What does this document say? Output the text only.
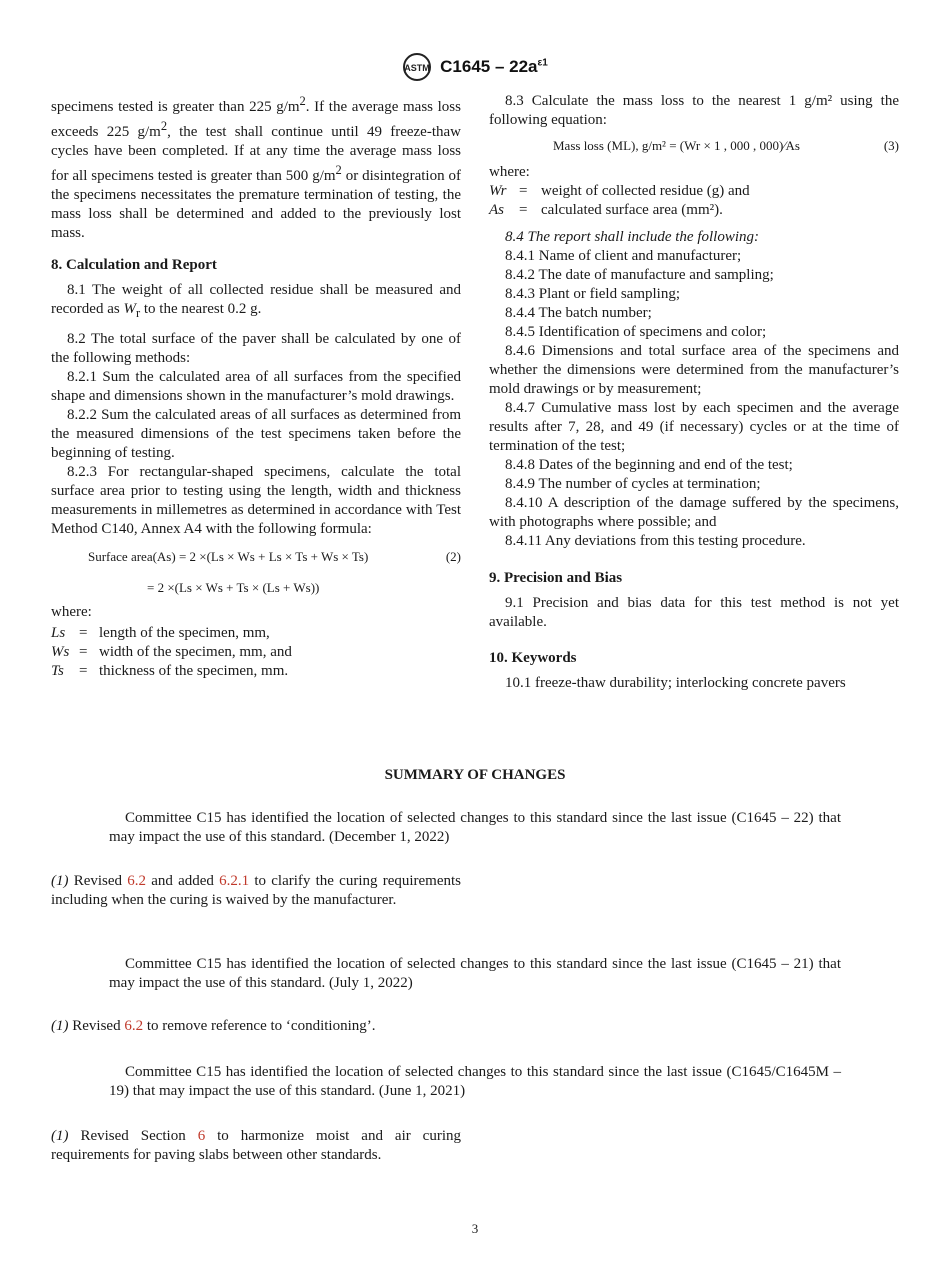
ASTM $C1645 - 22a^{\varepsilon 1}$

specimens tested is greater than 225 $g/m^2$. If the average mass loss exceeds 225 $g/m^2$, the test shall continue until 49 freeze-thaw cycles have been completed. If at any time the average mass loss for all specimens tested is greater than 500 $g/m^2$ or disintegration of the specimens necessitates the premature termination of testing, the mass loss shall be determined and added to the previously lost mass.

8. Calculation and Report

8.1 The weight of all collected residue shall be measured and recorded as $W_r$ to the nearest 0.2 g.

8.2 The total surface of the paver shall be calculated by one of the following methods:

8.2.1 Sum the calculated area of all surfaces from the specified shape and dimensions shown in the manufacturer’s mold drawings.

8.2.2 Sum the calculated areas of all surfaces as determined from the measured dimensions of the test specimens taken before the beginning of testing.

8.2.3 For rectangular-shaped specimens, calculate the total surface area prior to testing using the length, width and thickness measurements in millemetres as determined in accordance with Test Method C140, Annex A4 with the following formula:

Surface area(As) = 2 ×(Ls × Ws + Ls × Ts + Ws × Ts)	(2)
= 2 ×(Ls × Ws + Ts × (Ls + Ws))

where:

Ls = length of the specimen, mm,
Ws = width of the specimen, mm, and
Ts	= thickness of the specimen, mm.

8.3 Calculate the mass loss to the nearest 1 g/m² using the following equation:

Mass loss (ML), g/m² = (Wr × 1 , 000 , 000)⁄As	(3)

where:

Wr = weight of collected residue (g) and
As	= calculated surface area (mm²).

8.4 The report shall include the following:

8.4.1 Name of client and manufacturer;

8.4.2 The date of manufacture and sampling;

8.4.3 Plant or field sampling;

8.4.4 The batch number;

8.4.5 Identification of specimens and color;

8.4.6 Dimensions and total surface area of the specimens and whether the dimensions were determined from the manufacturer’s mold drawings or by measurement;

8.4.7 Cumulative mass lost by each specimen and the average results after 7, 28, and 49 (if necessary) cycles or at the time of termination of the test;

8.4.8 Dates of the beginning and end of the test;

8.4.9 The number of cycles at termination;

8.4.10 A description of the damage suffered by the specimens, with photographs where possible; and

8.4.11 Any deviations from this testing procedure.

9. Precision and Bias

9.1 Precision and bias data for this test method is not yet available.

10. Keywords

10.1 freeze-thaw durability; interlocking concrete pavers

SUMMARY OF CHANGES
Committee C15 has identified the location of selected changes to this standard since the last issue (C1645 – 22) that may impact the use of this standard. (December 1, 2022)
(1) Revised 6.2 and added 6.2.1 to clarify the curing requirements including when the curing is waived by the manufacturer.
Committee C15 has identified the location of selected changes to this standard since the last issue (C1645 – 21) that may impact the use of this standard. (July 1, 2022)
(1) Revised 6.2 to remove reference to ‘conditioning’.
Committee C15 has identified the location of selected changes to this standard since the last issue (C1645/C1645M – 19) that may impact the use of this standard. (June 1, 2021)
(1) Revised Section 6 to harmonize moist and air curing requirements for paving slabs between other standards.
3
